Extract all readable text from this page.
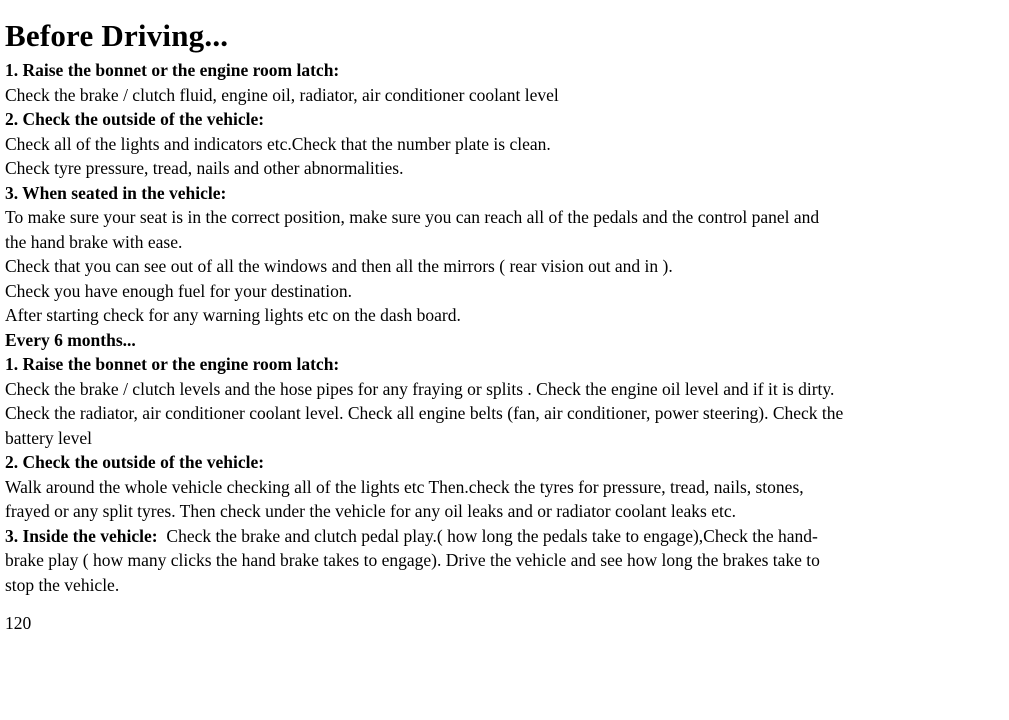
Before Driving...

1. Raise the bonnet or the engine room latch:

Check the brake / clutch fluid, engine oil, radiator, air conditioner coolant level

2. Check the outside of the vehicle:

Check all of the lights and indicators etc.Check that the number plate is clean.

Check tyre pressure, tread, nails and other abnormalities.

3. When seated in the vehicle:

To make sure your seat is in the correct position, make sure you can reach all of the pedals and the control panel and

the hand brake with ease.

Check that you can see out of all the windows and then all the mirrors ( rear vision out and in ).

Check you have enough fuel for your destination.

After starting check for any warning lights etc on the dash board.

Every 6 months...

1. Raise the bonnet or the engine room latch:

Check the brake / clutch levels and the hose pipes for any fraying or splits . Check the engine oil level and if it is dirty.

Check the radiator, air conditioner coolant level. Check all engine belts (fan, air conditioner, power steering). Check the

battery level

2. Check the outside of the vehicle:

Walk around the whole vehicle checking all of the lights etc Then.check the tyres for pressure, tread, nails, stones,

frayed or any split tyres. Then check under the vehicle for any oil leaks and or radiator coolant leaks etc.

3. Inside the vehicle:  Check the brake and clutch pedal play.( how long the pedals take to engage),Check the hand-

brake play ( how many clicks the hand brake takes to engage). Drive the vehicle and see how long the brakes take to

stop the vehicle.

120
